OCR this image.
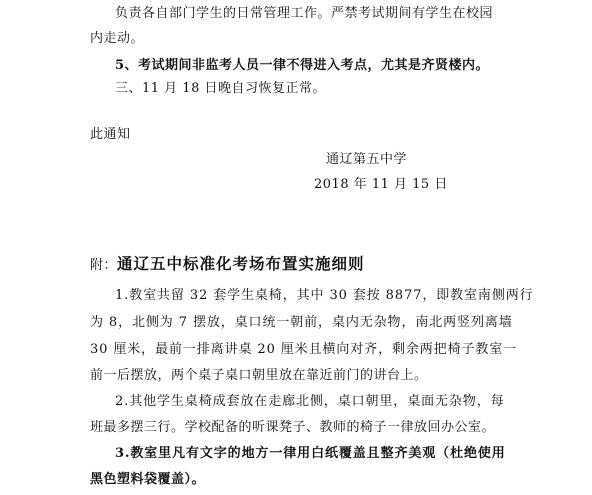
负责各自部门学生的日常管理工作。严禁考试期间有学生在校园
内走动。
5、考试期间非监考人员一律不得进入考点，尤其是齐贤楼内。
三、11 月 18 日晚自习恢复正常。
此通知
通辽第五中学
2018 年 11 月 15 日
附：通辽五中标准化考场布置实施细则
1.教室共留 32 套学生桌椅，其中 30 套按 8877，即教室南侧两行
为 8，北侧为 7 摆放，桌口统一朝前，桌内无杂物，南北两竖列离墙
30 厘米，最前一排离讲桌 20 厘米且横向对齐，剩余两把椅子教室一
前一后摆放，两个桌子桌口朝里放在靠近前门的讲台上。
2.其他学生桌椅成套放在走廊北侧，桌口朝里，桌面无杂物，每
班最多摆三行。学校配备的听课凳子、教师的椅子一律放回办公室。
3.教室里凡有文字的地方一律用白纸覆盖且整齐美观（杜绝使用
黑色塑料袋覆盖）。
